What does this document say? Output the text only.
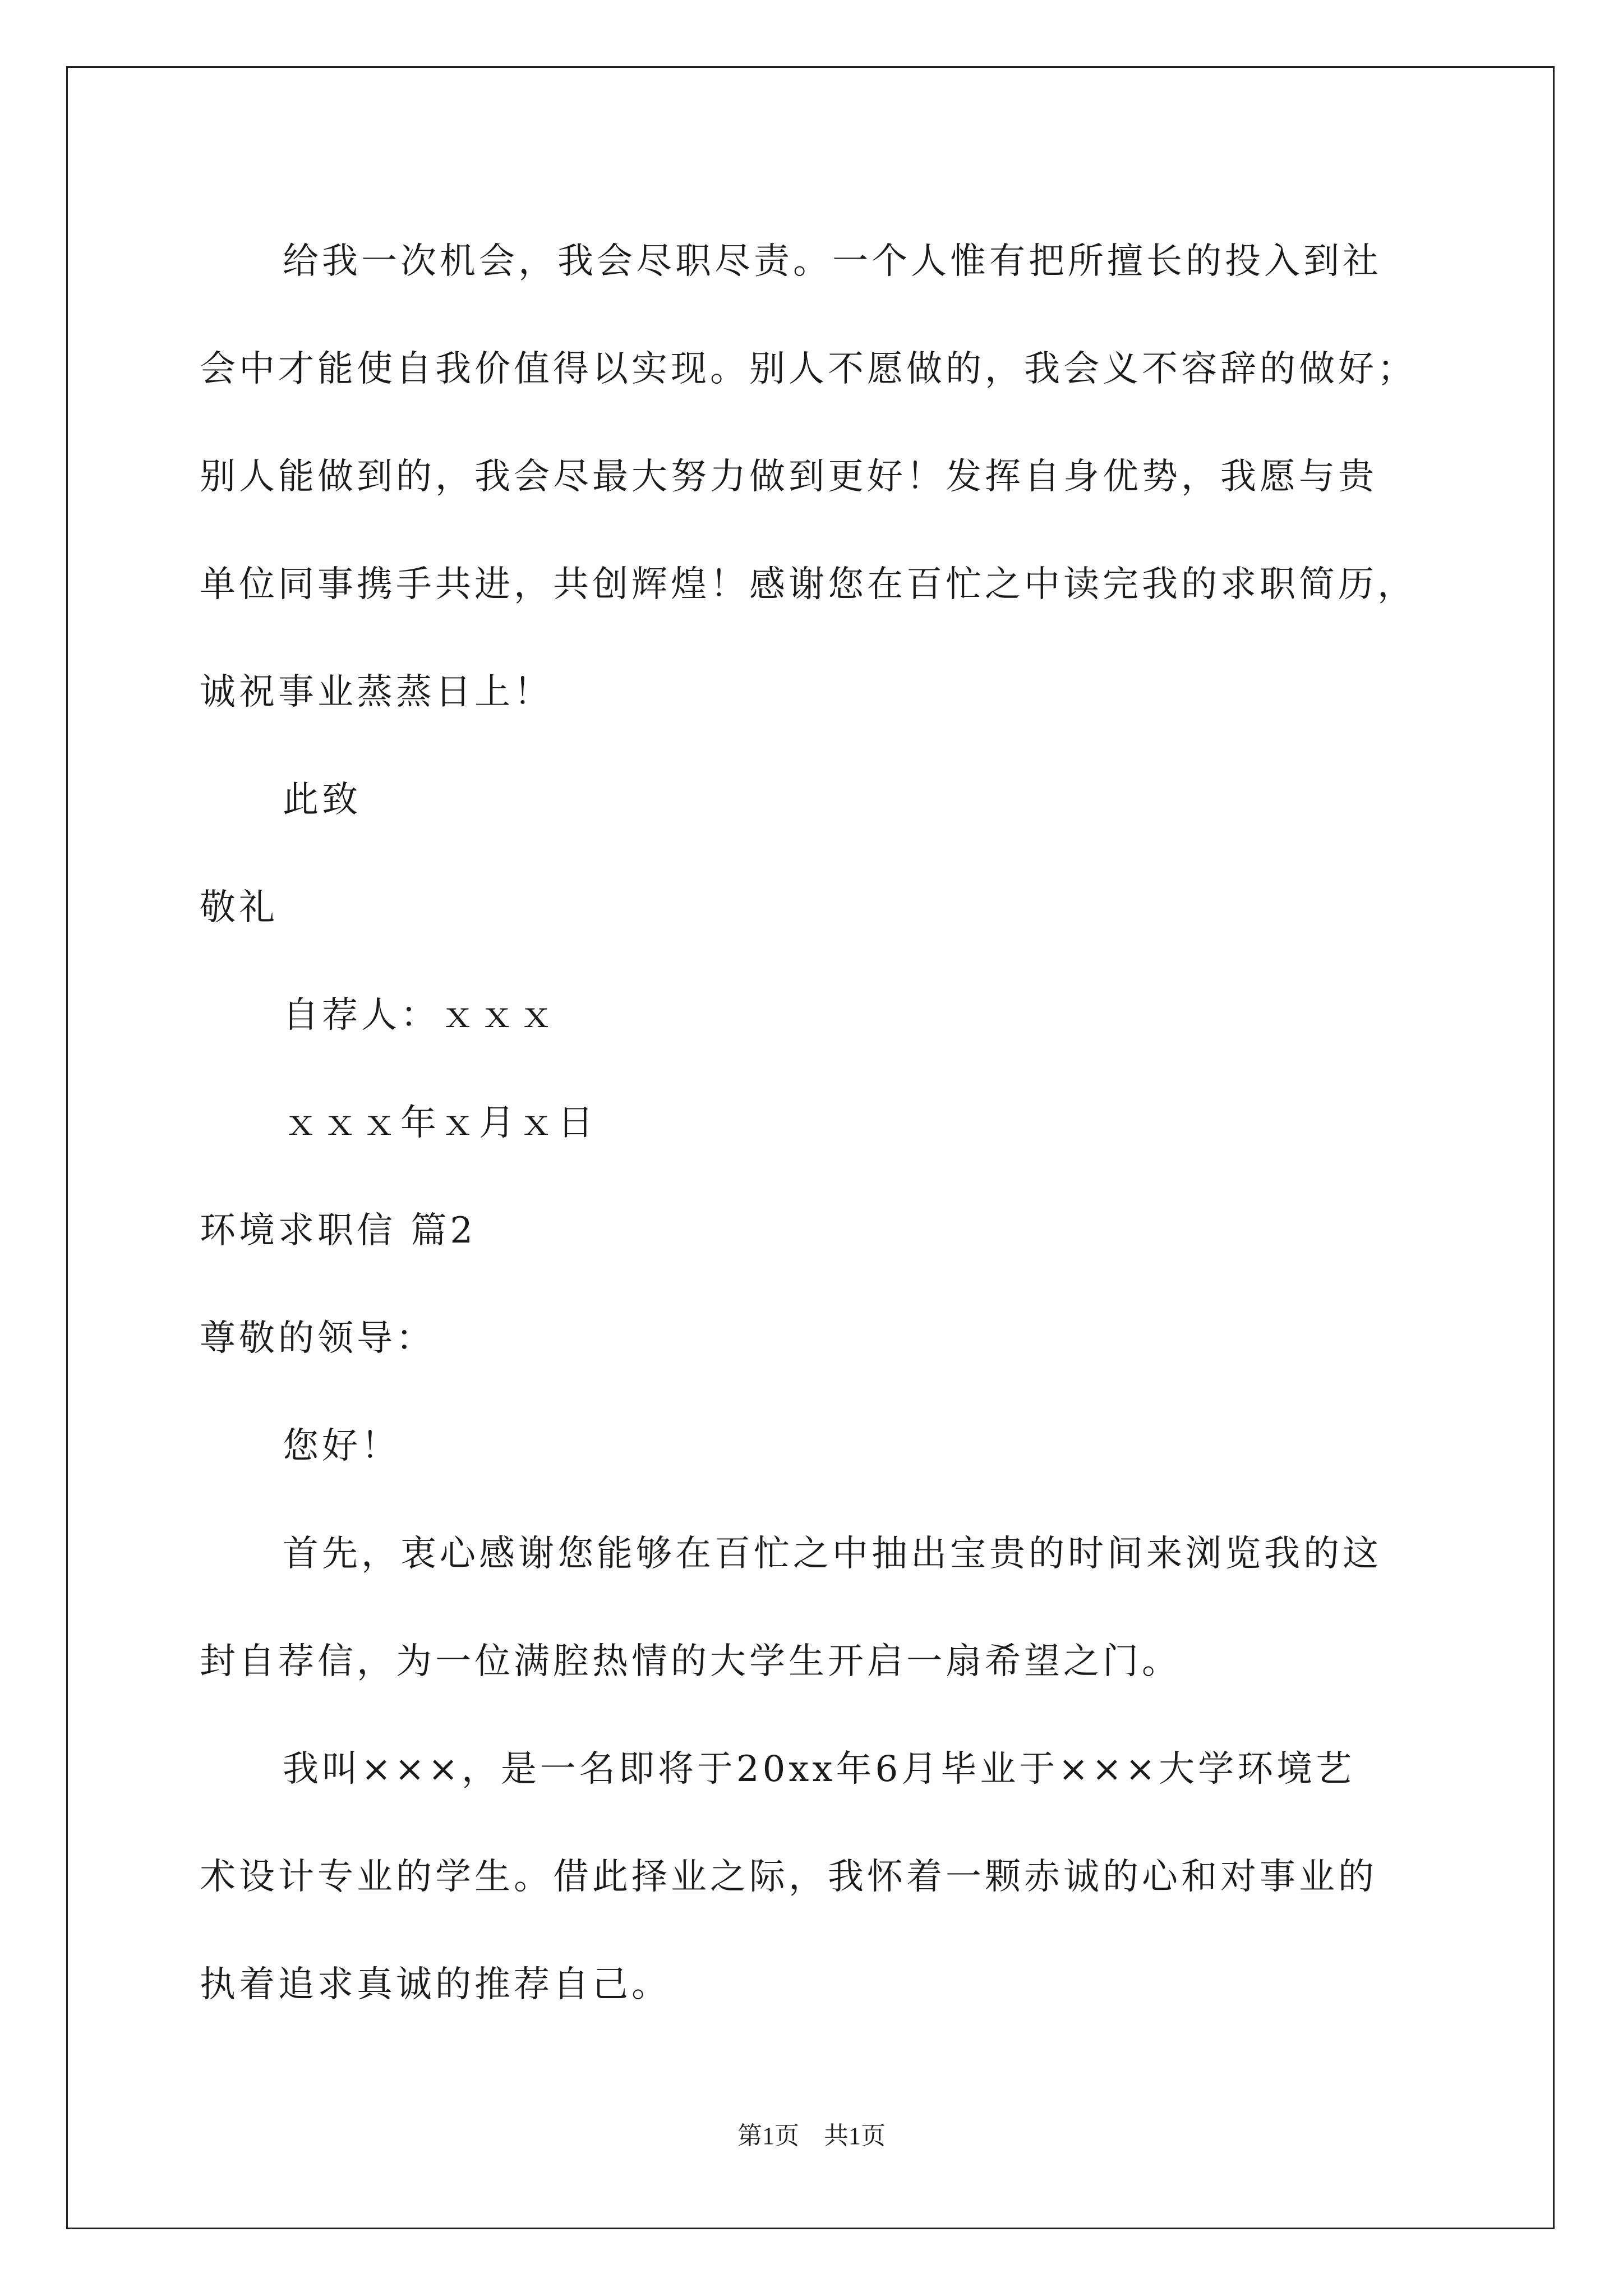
给我一次机会，我会尽职尽责。一个人惟有把所擅长的投入到社
会中才能使自我价值得以实现。别人不愿做的，我会义不容辞的做好；
别人能做到的，我会尽最大努力做到更好！发挥自身优势，我愿与贵
单位同事携手共进，共创辉煌！感谢您在百忙之中读完我的求职简历，
诚祝事业蒸蒸日上！
此致
敬礼
自荐人：ｘｘｘ
ｘｘｘ年ｘ月ｘ日
环境求职信 篇2
尊敬的领导：
您好！
首先，衷心感谢您能够在百忙之中抽出宝贵的时间来浏览我的这
封自荐信，为一位满腔热情的大学生开启一扇希望之门。
我叫×××，是一名即将于20xx年6月毕业于×××大学环境艺
术设计专业的学生。借此择业之际，我怀着一颗赤诚的心和对事业的
执着追求真诚的推荐自己。
第1页 共1页
